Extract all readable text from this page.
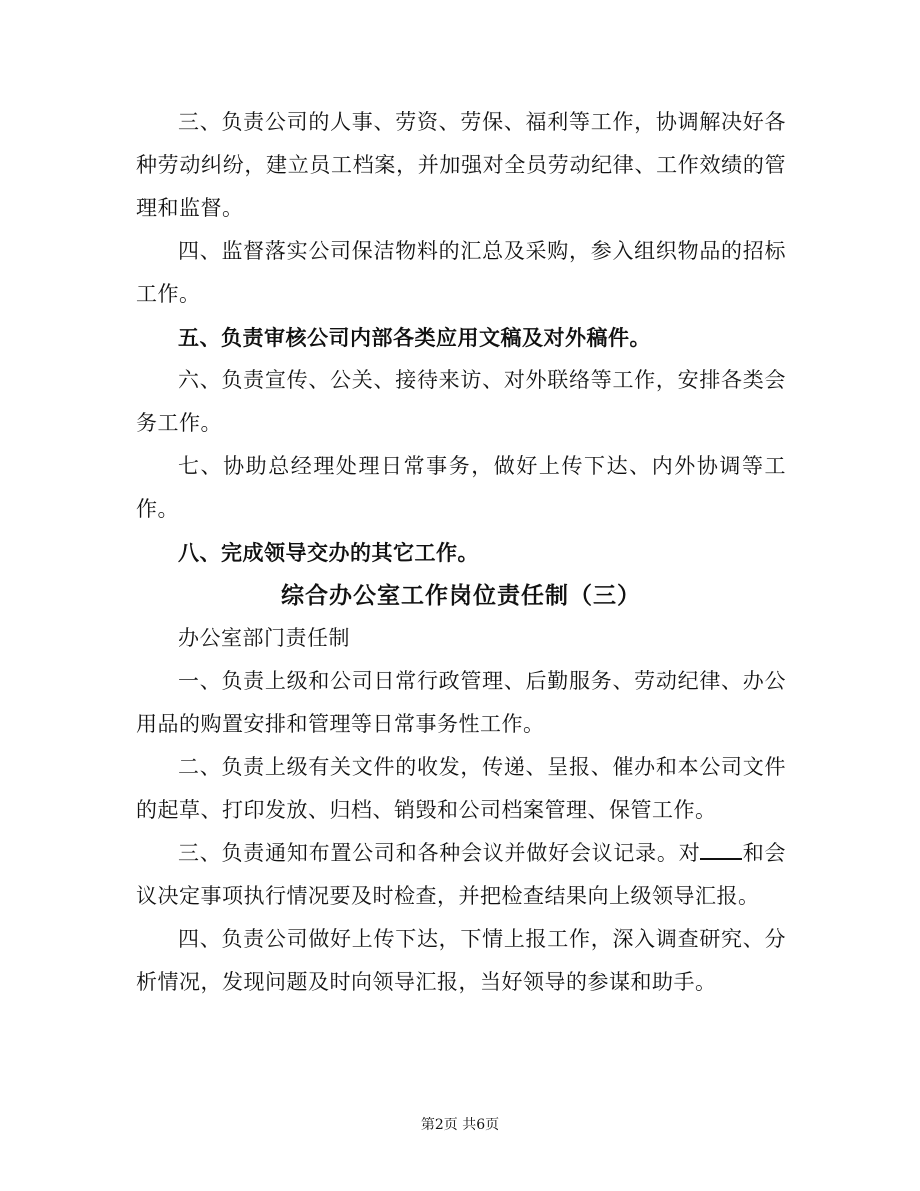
三、负责公司的人事、劳资、劳保、福利等工作，协调解决好各种劳动纠纷，建立员工档案，并加强对全员劳动纪律、工作效绩的管理和监督。

四、监督落实公司保洁物料的汇总及采购，参入组织物品的招标工作。

五、负责审核公司内部各类应用文稿及对外稿件。

六、负责宣传、公关、接待来访、对外联络等工作，安排各类会务工作。

七、协助总经理处理日常事务，做好上传下达、内外协调等工作。

八、完成领导交办的其它工作。

综合办公室工作岗位责任制（三）

办公室部门责任制

一、负责上级和公司日常行政管理、后勤服务、劳动纪律、办公用品的购置安排和管理等日常事务性工作。

二、负责上级有关文件的收发，传递、呈报、催办和本公司文件的起草、打印发放、归档、销毁和公司档案管理、保管工作。

三、负责通知布置公司和各种会议并做好会议记录。对 和会议决定事项执行情况要及时检查，并把检查结果向上级领导汇报。

四、负责公司做好上传下达，下情上报工作，深入调查研究、分析情况，发现问题及时向领导汇报，当好领导的参谋和助手。

第2页 共6页
